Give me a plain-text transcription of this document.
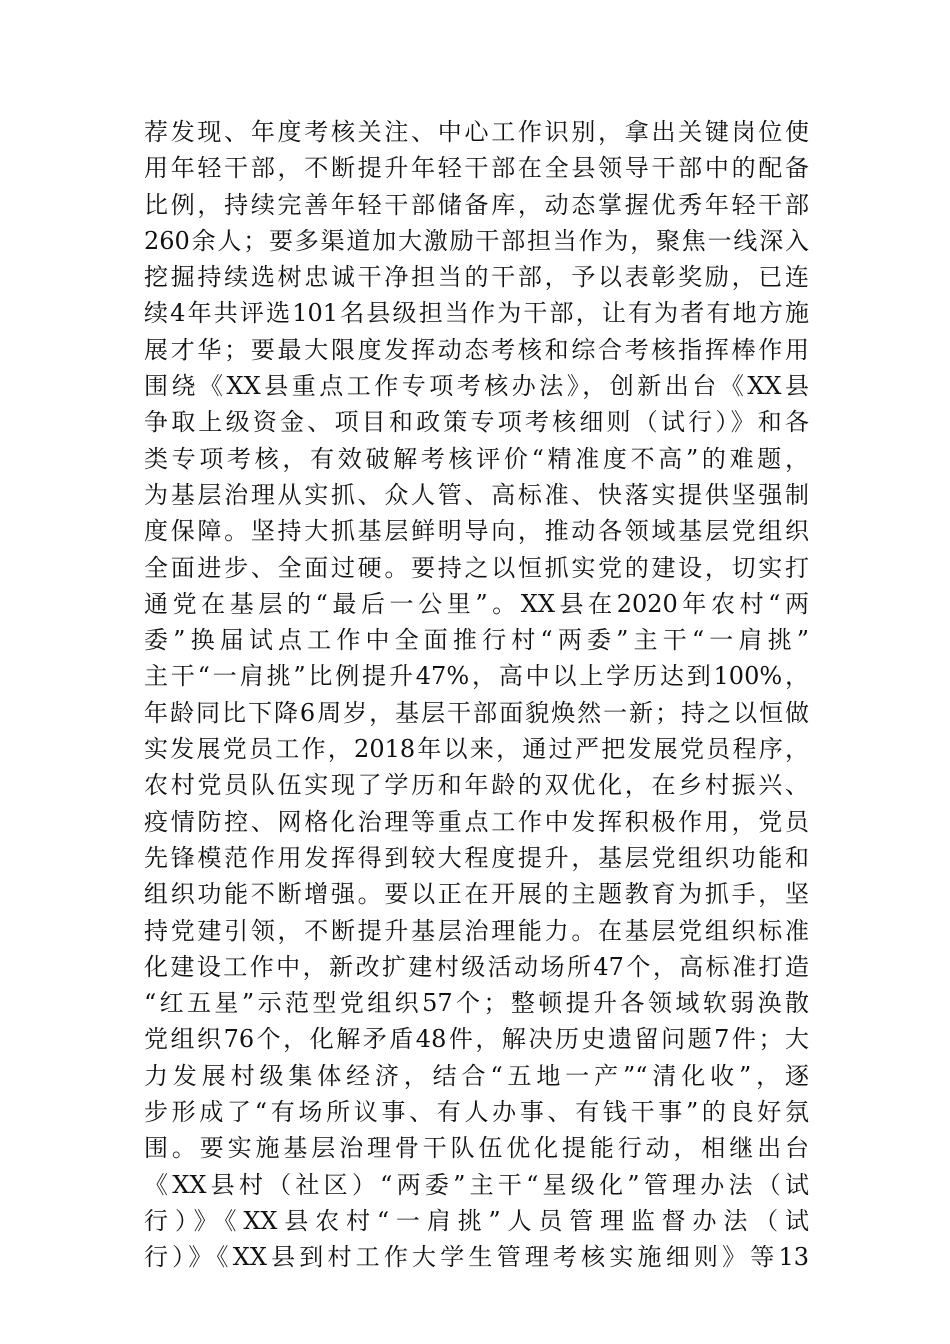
荐发现、年度考核关注、中心工作识别，拿出关键岗位使
用年轻干部，不断提升年轻干部在全县领导干部中的配备
比例，持续完善年轻干部储备库，动态掌握优秀年轻干部
260余人；要多渠道加大激励干部担当作为，聚焦一线深入
挖掘持续选树忠诚干净担当的干部，予以表彰奖励，已连
续4年共评选101名县级担当作为干部，让有为者有地方施
展才华；要最大限度发挥动态考核和综合考核指挥棒作用
围绕《XX县重点工作专项考核办法》，创新出台《XX县
争取上级资金、项目和政策专项考核细则（试行）》和各
类专项考核，有效破解考核评价“精准度不高”的难题，
为基层治理从实抓、众人管、高标准、快落实提供坚强制
度保障。坚持大抓基层鲜明导向，推动各领域基层党组织
全面进步、全面过硬。要持之以恒抓实党的建设，切实打
通党在基层的“最后一公里”。XX县在2020年农村“两
委”换届试点工作中全面推行村“两委”主干“一肩挑”
主干“一肩挑”比例提升47%，高中以上学历达到100%，
年龄同比下降6周岁，基层干部面貌焕然一新；持之以恒做
实发展党员工作，2018年以来，通过严把发展党员程序，
农村党员队伍实现了学历和年龄的双优化，在乡村振兴、
疫情防控、网格化治理等重点工作中发挥积极作用，党员
先锋模范作用发挥得到较大程度提升，基层党组织功能和
组织功能不断增强。要以正在开展的主题教育为抓手，坚
持党建引领，不断提升基层治理能力。在基层党组织标准
化建设工作中，新改扩建村级活动场所47个，高标准打造
“红五星”示范型党组织57个；整顿提升各领域软弱涣散
党组织76个，化解矛盾48件，解决历史遗留问题7件；大
力发展村级集体经济，结合“五地一产”“清化收”，逐
步形成了“有场所议事、有人办事、有钱干事”的良好氛
围。要实施基层治理骨干队伍优化提能行动，相继出台
《XX县村（社区）“两委”主干“星级化”管理办法（试
行）》《XX县农村“一肩挑”人员管理监督办法（试
行）》《XX县到村工作大学生管理考核实施细则》等13
